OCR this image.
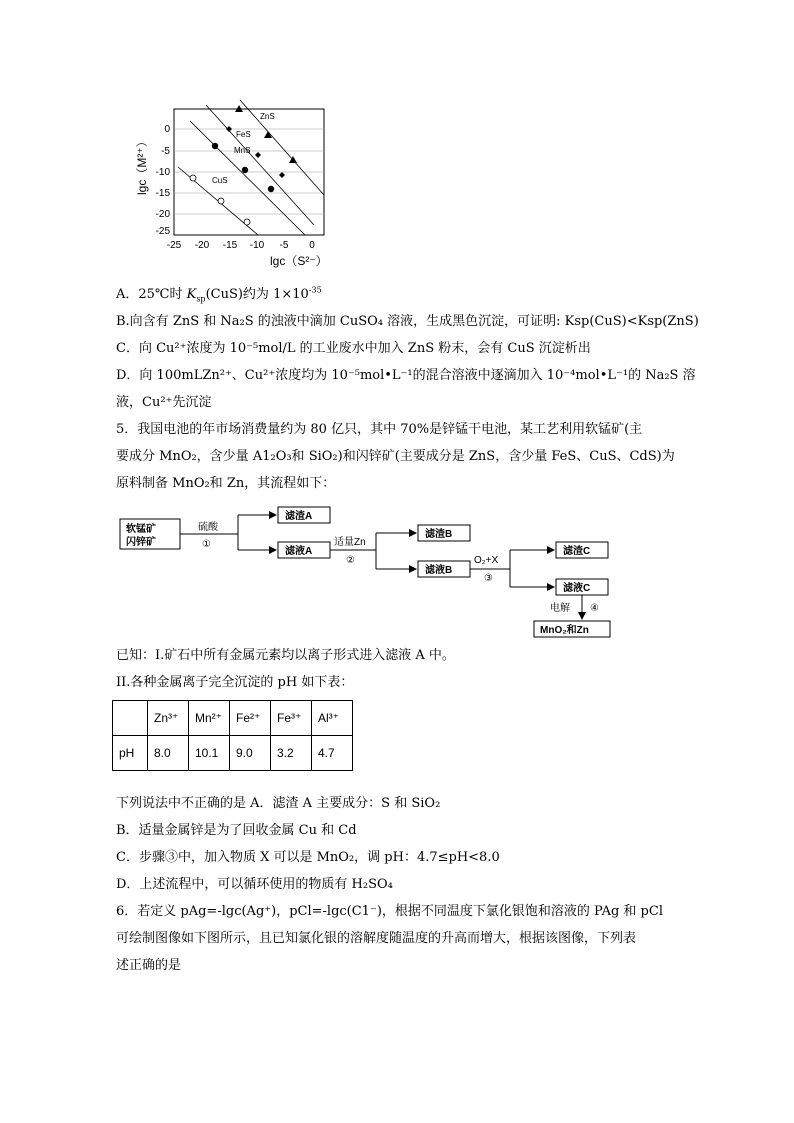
0
-5
-10
-15
-20
-25
-25 -20 -15 -10 -5 0
lgc（M²⁺）
lgc（S²⁻）
ZnS
FeS
MnS
CuS
A．25℃时 $K_{sp}(CuS)$约为 $1\times 10^{-35}$
B.向含有 ZnS 和 Na₂S 的浊液中滴加 CuSO₄ 溶液，生成黑色沉淀，可证明: Ksp(CuS)<Ksp(ZnS)
C．向 Cu²⁺浓度为 10⁻⁵mol/L 的工业废水中加入 ZnS 粉末，会有 CuS 沉淀析出
D．向 100mLZn²⁺、Cu²⁺浓度均为 10⁻⁵mol•L⁻¹的混合溶液中逐滴加入 10⁻⁴mol•L⁻¹的 Na₂S 溶
液，Cu²⁺先沉淀
5．我国电池的年市场消费量约为 80 亿只，其中 70%是锌锰干电池，某工艺利用软锰矿(主
要成分 MnO₂，含少量 A1₂O₃和 SiO₂)和闪锌矿(主要成分是 ZnS，含少量 FeS、CuS、CdS)为
原料制备 MnO₂和 Zn，其流程如下：
软锰矿
闪锌矿
硫酸
①
滤渣A
滤液A
适量Zn
②
滤渣B
滤液B
O₂+X
③
滤渣C
滤液C
电解 ④
MnO₂和Zn
已知：I.矿石中所有金属元素均以离子形式进入滤液 A 中。
II.各种金属离子完全沉淀的 pH 如下表：
	Zn³⁺	Mn²⁺	Fe²⁺	Fe³⁺	Al³⁺
pH	8.0	10.1	9.0	3.2	4.7
下列说法中不正确的是 A．滤渣 A 主要成分：S 和 SiO₂
B．适量金属锌是为了回收金属 Cu 和 Cd
C．步骤③中，加入物质 X 可以是 MnO₂，调 pH：4.7≤pH<8.0
D．上述流程中，可以循环使用的物质有 H₂SO₄
6．若定义 pAg=-lgc(Ag⁺)，pCl=-lgc(C1⁻)，根据不同温度下氯化银饱和溶液的 PAg 和 pCl
可绘制图像如下图所示，且已知氯化银的溶解度随温度的升高而增大，根据该图像，下列表
述正确的是
